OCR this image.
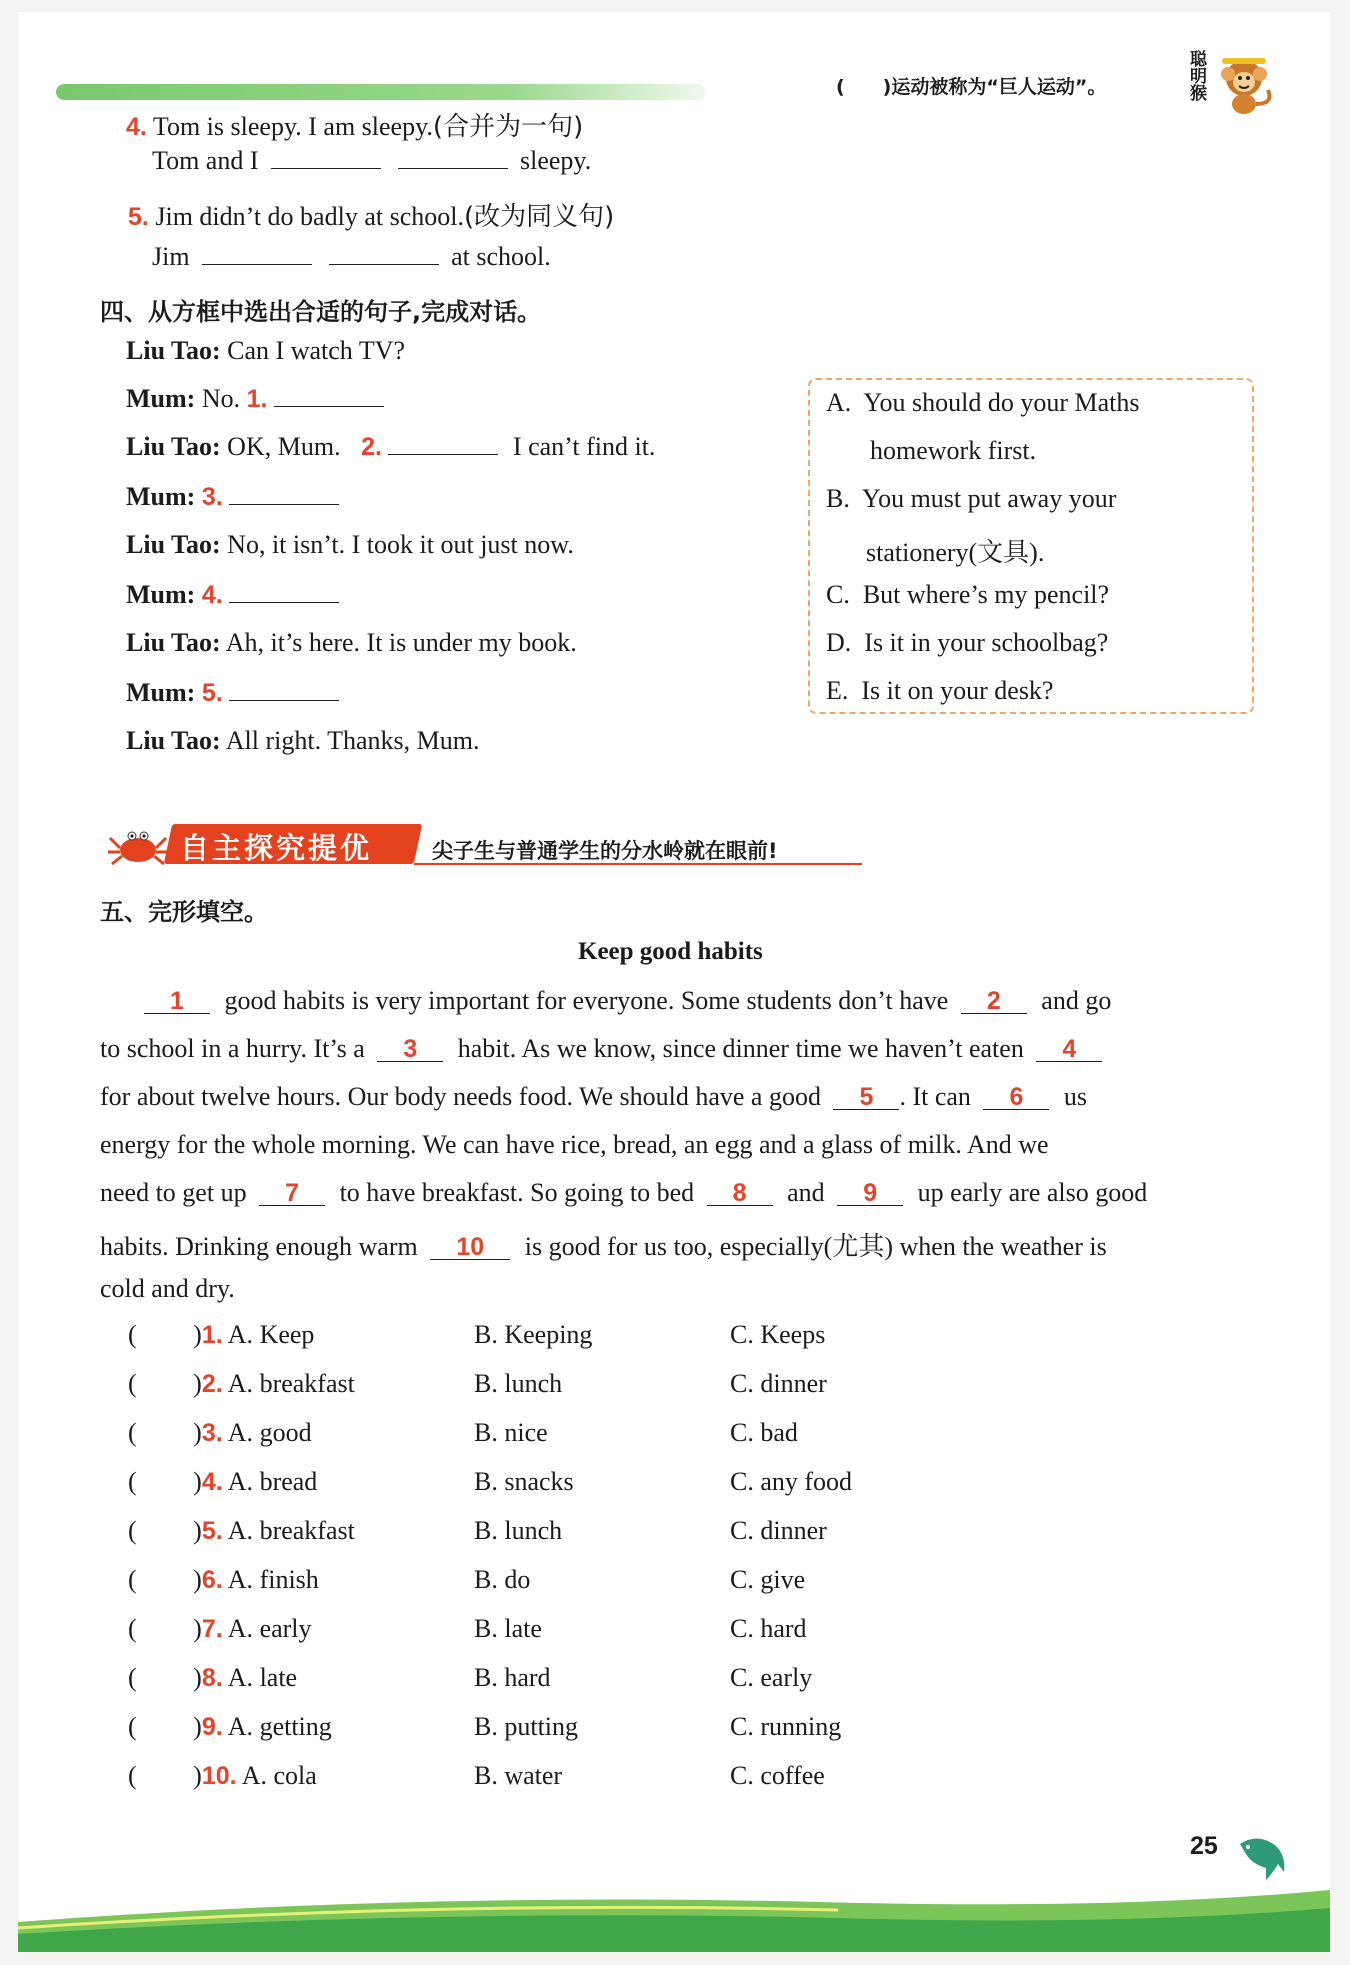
(　　)运动被称为“巨人运动”。
聪
明
猴
4. Tom is sleepy. I am sleepy.(合并为一句)
Tom and I	sleepy.
5. Jim didn’t do badly at school.(改为同义句)
Jim	at school.
四、从方框中选出合适的句子,完成对话。
Liu Tao: Can I watch TV?
Mum: No. 1.
Liu Tao: OK, Mum. 2.	I can’t find it.
Mum: 3.
Liu Tao: No, it isn’t. I took it out just now.
Mum: 4.
Liu Tao: Ah, it’s here. It is under my book.
Mum: 5.
Liu Tao: All right. Thanks, Mum.
A. You should do your Maths
homework first.
B. You must put away your
stationery(文具).
C. But where’s my pencil?
D. Is it in your schoolbag?
E. Is it on your desk?
自主探究提优	尖子生与普通学生的分水岭就在眼前!
五、完形填空。
Keep good habits
1 good habits is very important for everyone. Some students don’t have 2 and go
to school in a hurry. It’s a 3 habit. As we know, since dinner time we haven’t eaten 4
for about twelve hours. Our body needs food. We should have a good 5 . It can 6 us
energy for the whole morning. We can have rice, bread, an egg and a glass of milk. And we
need to get up 7 to have breakfast. So going to bed 8 and 9 up early are also good
habits. Drinking enough warm 10 is good for us too, especially(尤其) when the weather is
cold and dry.
( )1. A. Keep	B. Keeping	C. Keeps
( )2. A. breakfast	B. lunch	C. dinner
( )3. A. good	B. nice	C. bad
( )4. A. bread	B. snacks	C. any food
( )5. A. breakfast	B. lunch	C. dinner
( )6. A. finish	B. do	C. give
( )7. A. early	B. late	C. hard
( )8. A. late	B. hard	C. early
( )9. A. getting	B. putting	C. running
( )10. A. cola	B. water	C. coffee
25
